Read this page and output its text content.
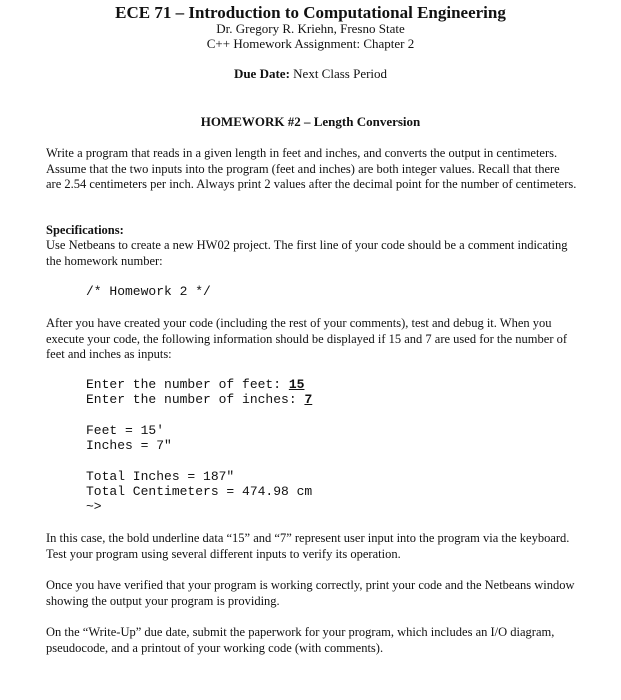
ECE 71 – Introduction to Computational Engineering
Dr. Gregory R. Kriehn, Fresno State
C++ Homework Assignment: Chapter 2
Due Date: Next Class Period
HOMEWORK #2 – Length Conversion

Write a program that reads in a given length in feet and inches, and converts the output in centimeters. Assume that the two inputs into the program (feet and inches) are both integer values. Recall that there are 2.54 centimeters per inch. Always print 2 values after the decimal point for the number of centimeters.

Specifications:

Use Netbeans to create a new HW02 project. The first line of your code should be a comment indicating the homework number:

/* Homework 2 */

After you have created your code (including the rest of your comments), test and debug it. When you execute your code, the following information should be displayed if 15 and 7 are used for the number of feet and inches as inputs:

Enter the number of feet: 15
Enter the number of inches: 7
Feet = 15′
Inches = 7″
Total Inches = 187″
Total Centimeters = 474.98 cm
~>

In this case, the bold underline data “15” and “7” represent user input into the program via the keyboard. Test your program using several different inputs to verify its operation.

Once you have verified that your program is working correctly, print your code and the Netbeans window showing the output your program is providing.

On the “Write-Up” due date, submit the paperwork for your program, which includes an I/O diagram, pseudocode, and a printout of your working code (with comments).
